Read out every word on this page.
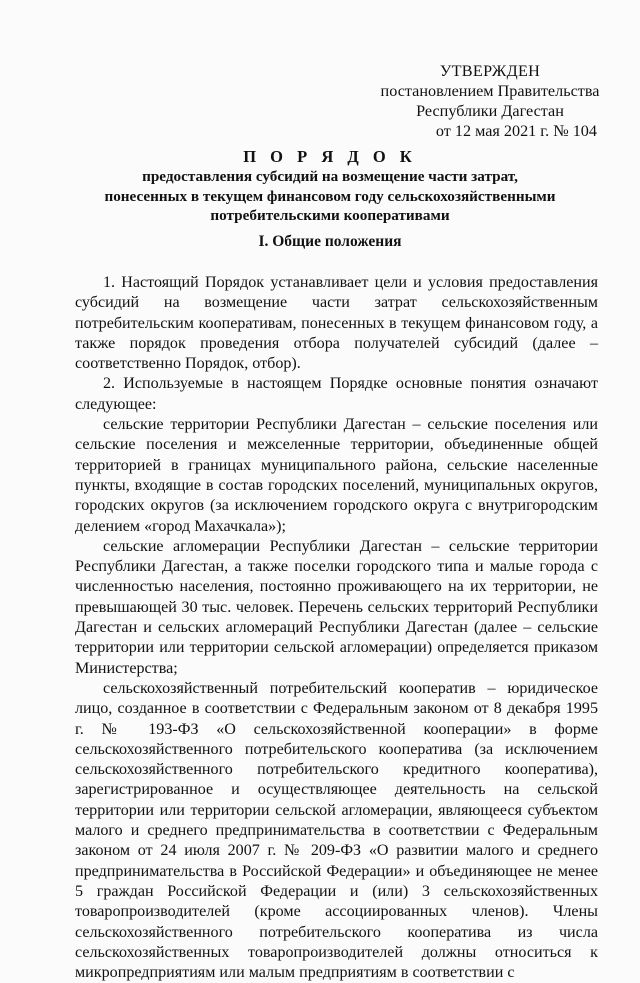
УТВЕРЖДЕН
постановлением Правительства
Республики Дагестан
от 12 мая 2021 г. № 104
П О Р Я Д О К
предоставления субсидий на возмещение части затрат,
понесенных в текущем финансовом году сельскохозяйственными
потребительскими кооперативами
I. Общие положения

1. Настоящий Порядок устанавливает цели и условия предоставления субсидий на возмещение части затрат сельскохозяйственным потребительским кооперативам, понесенных в текущем финансовом году, а также порядок проведения отбора получателей субсидий (далее – соответственно Порядок, отбор).

2. Используемые в настоящем Порядке основные понятия означают следующее:

сельские территории Республики Дагестан – сельские поселения или сельские поселения и межселенные территории, объединенные общей территорией в границах муниципального района, сельские населенные пункты, входящие в состав городских поселений, муниципальных округов, городских округов (за исключением городского округа с внутригородским делением «город Махачкала»);

сельские агломерации Республики Дагестан – сельские территории Республики Дагестан, а также поселки городского типа и малые города с численностью населения, постоянно проживающего на их территории, не превышающей 30 тыс. человек. Перечень сельских территорий Республики Дагестан и сельских агломераций Республики Дагестан (далее – сельские территории или территории сельской агломерации) определяется приказом Министерства;

сельскохозяйственный потребительский кооператив – юридическое лицо, созданное в соответствии с Федеральным законом от 8 декабря 1995 г. № 193-ФЗ «О сельскохозяйственной кооперации» в форме сельскохозяйственного потребительского кооператива (за исключением сельскохозяйственного потребительского кредитного кооператива), зарегистрированное и осуществляющее деятельность на сельской территории или территории сельской агломерации, являющееся субъектом малого и среднего предпринимательства в соответствии с Федеральным законом от 24 июля 2007 г. № 209-ФЗ «О развитии малого и среднего предпринимательства в Российской Федерации» и объединяющее не менее 5 граждан Российской Федерации и (или) 3 сельскохозяйственных товаропроизводителей (кроме ассоциированных членов). Члены сельскохозяйственного потребительского кооператива из числа сельскохозяйственных товаропроизводителей должны относиться к микропредприятиям или малым предприятиям в соответствии с
